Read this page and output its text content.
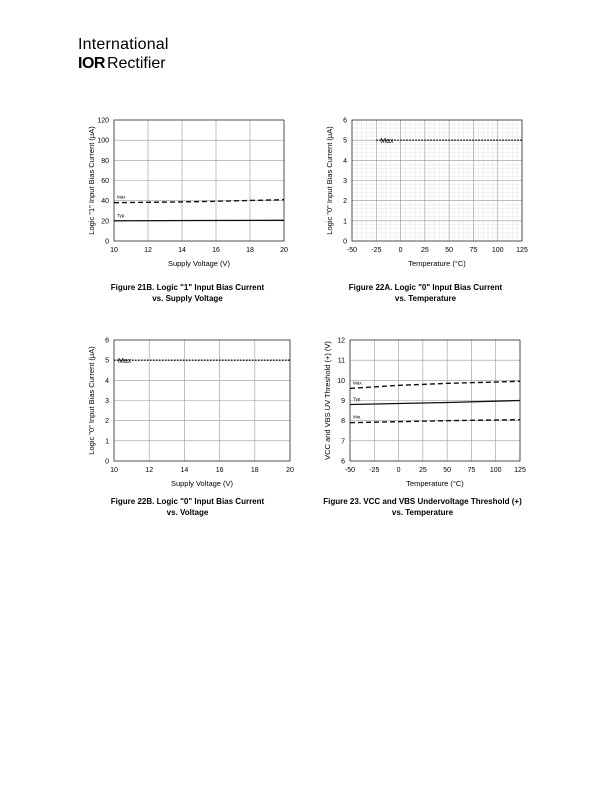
International
IOR Rectifier
10	12	14	16	18	20
0
20
40
60
80
100
120
Supply Voltage (V)
Logic "1" Input Bias Current (µA)	Max
Typ.
Figure 21B. Logic "1" Input Bias Current
vs. Supply Voltage
-50 -25 0	25 50 75 100 125
0
1
2
3
4
5
6
Temperature (°C)
Logic "0" Input Bias Current (µA)	Max
Figure 22A. Logic "0" Input Bias Current
vs. Temperature
10	12	14	16	18	20
0
1
2
3
4
5
6
Supply Voltage (V)
Logic "0" Input Bias Current (µA)	Max
Figure 22B. Logic "0" Input Bias Current
vs. Voltage
-50 -25 0	25 50 75 100 125
6
7
8
9
10
11
12
Temperature (°C)
VCC and VBS UV Threshold (+) (V)	Max.
Typ.
Min.
Figure 23. VCC and VBS Undervoltage Threshold (+)
vs. Temperature
